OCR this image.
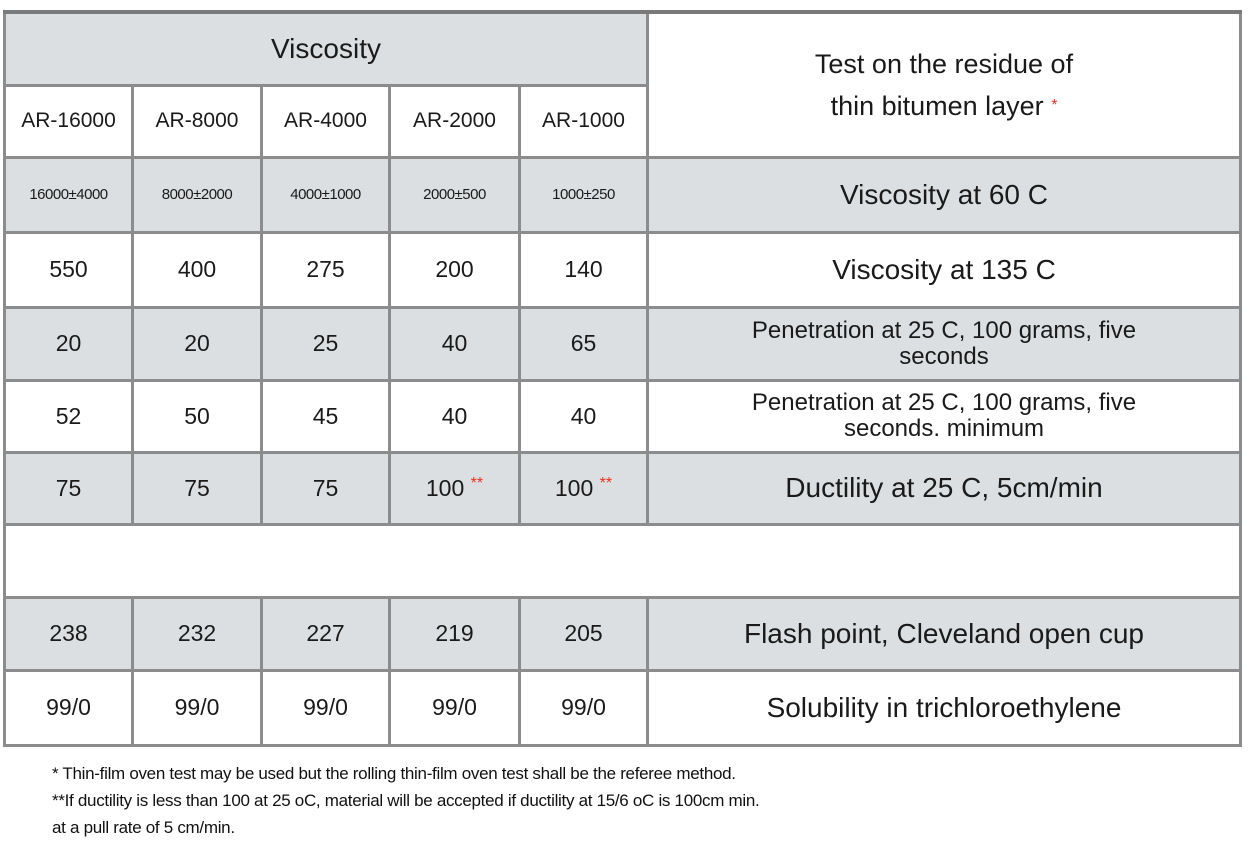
Viscosity					Test on the residue of thin bitumen layer *
AR-16000	AR-8000	AR-4000	AR-2000	AR-1000	
16000±4000	8000±2000	4000±1000	2000±500	1000±250	Viscosity at 60 C
550	400	275	200	140	Viscosity at 135 C
20	20	25	40	65	Penetration at 25 C, 100 grams, five seconds
52	50	45	40	40	Penetration at 25 C, 100 grams, five seconds. minimum
75	75	75	100 **	100 **	Ductility at 25 C, 5cm/min

238	232	227	219	205	Flash point, Cleveland open cup
99/0	99/0	99/0	99/0	99/0	Solubility in trichloroethylene
* Thin-film oven test may be used but the rolling thin-film oven test shall be the referee method.
**If ductility is less than 100 at 25 oC, material will be accepted if ductility at 15/6 oC is 100cm min.
at a pull rate of 5 cm/min.
